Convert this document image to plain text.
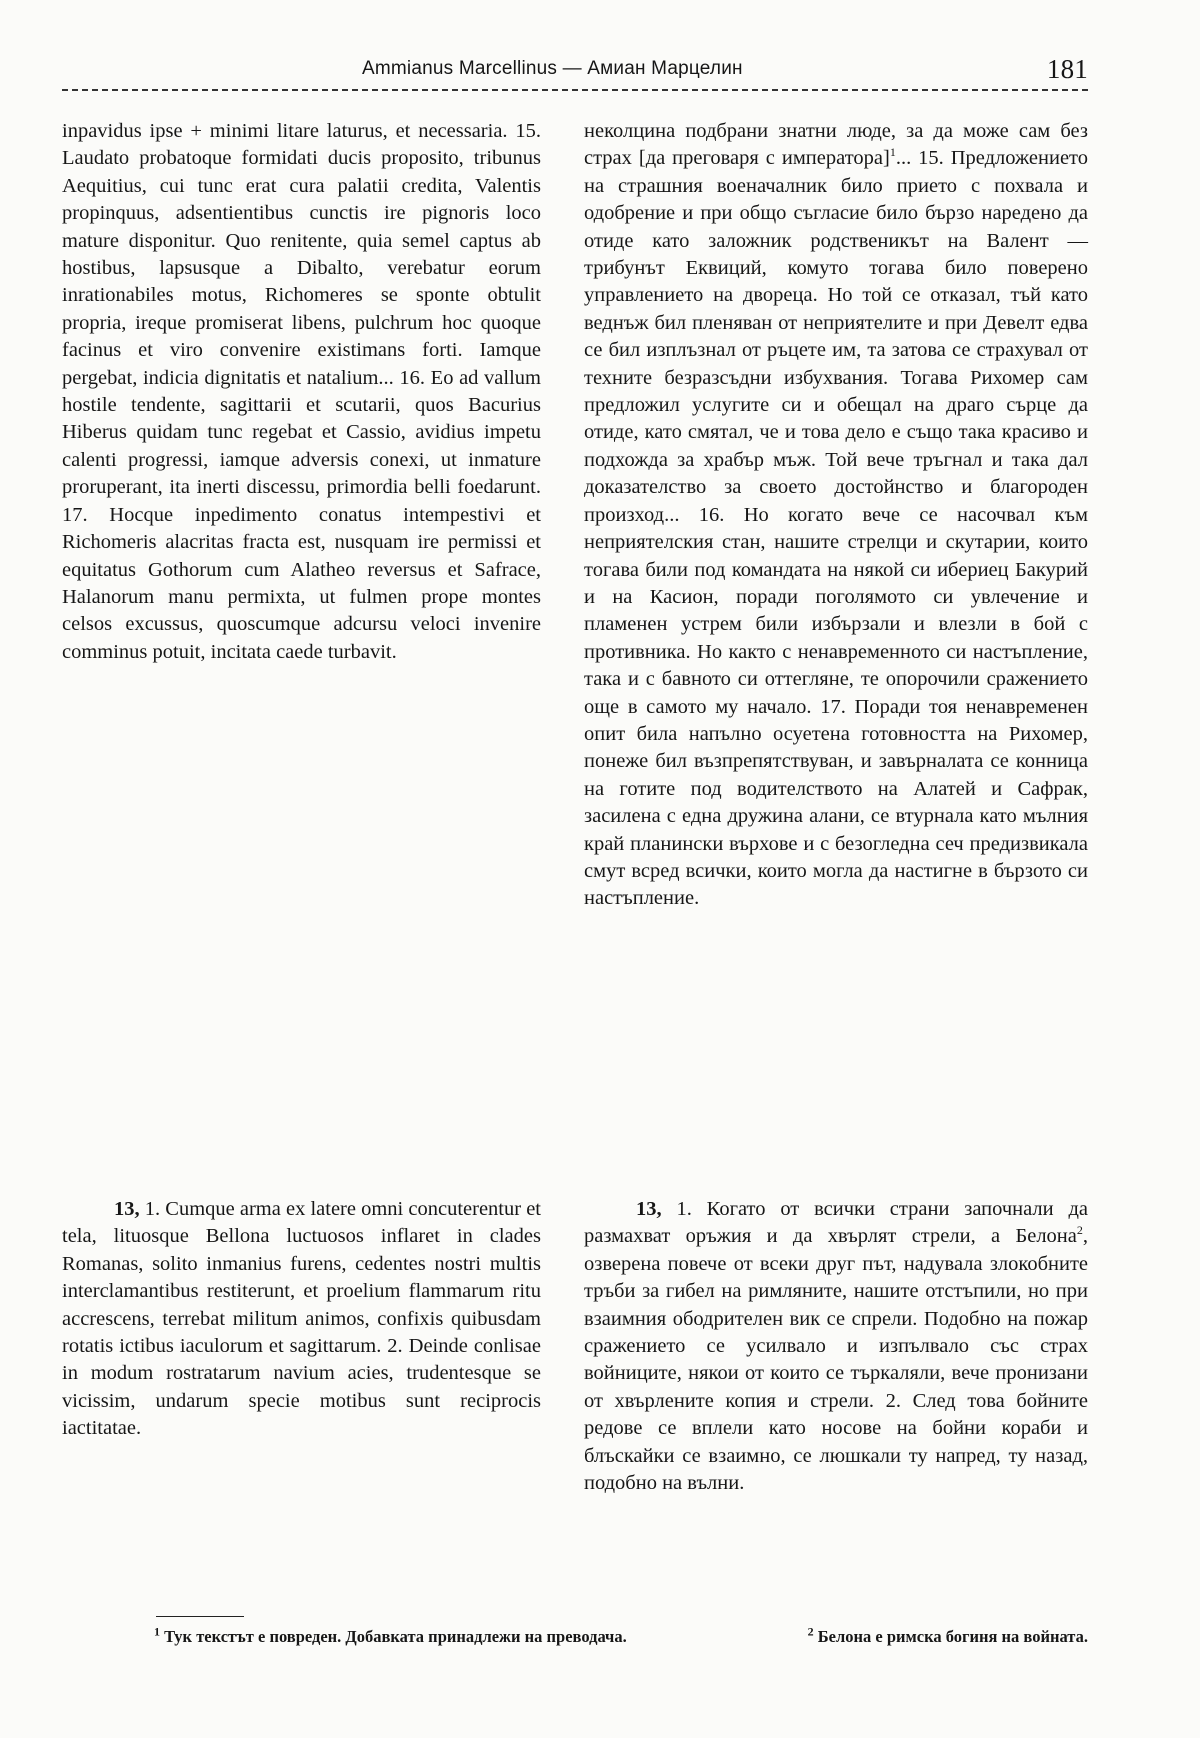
Ammianus Marcellinus — Амиан Марцелин	181

inpavidus ipse + minimi litare laturus, et necessaria. 15. Laudato probatoque formidati ducis proposito, tribunus Aequitius, cui tunc erat cura palatii credita, Valentis propinquus, adsentientibus cunctis ire pignoris loco mature disponitur. Quo renitente, quia semel captus ab hostibus, lapsusque a Dibalto, verebatur eorum inrationabiles motus, Richomeres se sponte obtulit propria, ireque promiserat libens, pulchrum hoc quoque facinus et viro convenire existimans forti. Iamque pergebat, indicia dignitatis et natalium... 16. Eo ad vallum hostile tendente, sagittarii et scutarii, quos Bacurius Hiberus quidam tunc regebat et Cassio, avidius impetu calenti progressi, iamque adversis conexi, ut inmature proruperant, ita inerti discessu, primordia belli foedarunt. 17. Hocque inpedimento conatus intempestivi et Richomeris alacritas fracta est, nusquam ire permissi et equitatus Gothorum cum Alatheo reversus et Safrace, Halanorum manu permixta, ut fulmen prope montes celsos excussus, quoscumque adcursu veloci invenire comminus potuit, incitata caede turbavit.

неколцина подбрани знатни люде, за да може сам без страх [да преговаря с императора]$^1$... 15. Предложението на страшния военачалник било прието с похвала и одобрение и при общо съгласие било бързо наредено да отиде като заложник родственикът на Валент — трибунът Еквиций, комуто тогава било поверено управлението на двореца. Но той се отказал, тъй като веднъж бил пленяван от неприятелите и при Девелт едва се бил изплъзнал от ръцете им, та затова се страхувал от техните безразсъдни избухвания. Тогава Рихомер сам предложил услугите си и обещал на драго сърце да отиде, като смятал, че и това дело е също така красиво и подхожда за храбър мъж. Той вече тръгнал и така дал доказателство за своето достойнство и благороден произход... 16. Но когато вече се насочвал към неприятелския стан, нашите стрелци и скутарии, които тогава били под командата на някой си ибериец Бакурий и на Касион, поради поголямото си увлечение и пламенен устрем били избързали и влезли в бой с противника. Но както с ненавременното си настъпление, така и с бавното си оттегляне, те опорочили сражението още в самото му начало. 17. Поради тоя ненавременен опит била напълно осуетена готовността на Рихомер, понеже бил възпрепятствуван, и завърналата се конница на готите под водителството на Алатей и Сафрак, засилена с една дружина алани, се втурнала като мълния край планински върхове и с безогледна сеч предизвикала смут всред всички, които могла да настигне в бързото си настъпление.

13, 1. Cumque arma ex latere omni concuterentur et tela, lituosque Bellona luctuosos inflaret in clades Romanas, solito inmanius furens, cedentes nostri multis interclamantibus restiterunt, et proelium flammarum ritu accrescens, terrebat militum animos, confixis quibusdam rotatis ictibus iaculorum et sagittarum. 2. Deinde conlisae in modum rostratarum navium acies, trudentesque se vicissim, undarum specie motibus sunt reciprocis iactitatae.

13, 1. Когато от всички страни започнали да размахват оръжия и да хвърлят стрели, а Белона$^2$, озверена повече от всеки друг път, надувала злокобните тръби за гибел на римляните, нашите отстъпили, но при взаимния ободрителен вик се спрели. Подобно на пожар сражението се усилвало и изпълвало със страх войниците, някои от които се търкаляли, вече пронизани от хвърлените копия и стрели. 2. След това бойните редове се вплели като носове на бойни кораби и блъскайки се взаимно, се люшкали ту напред, ту назад, подобно на вълни.

$^1$ Тук текстът е повреден. Добавката принадлежи на преводача.	$^2$ Белона е римска богиня на войната.
